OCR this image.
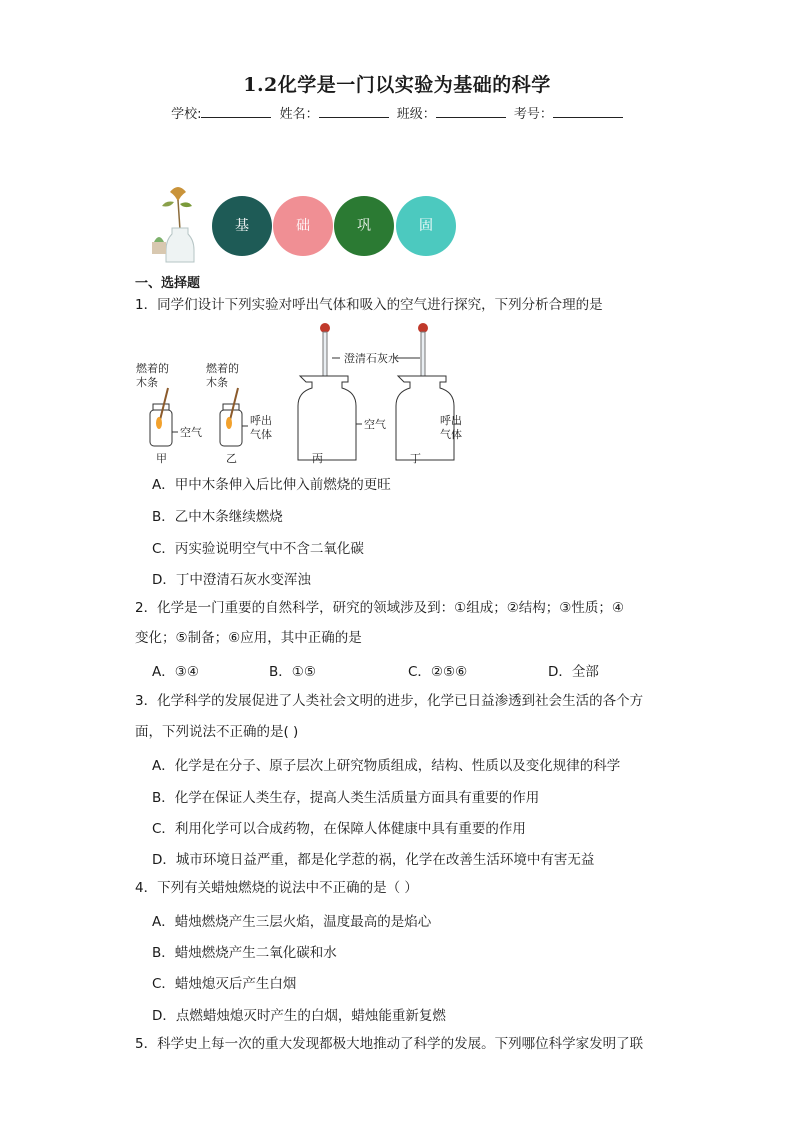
1.2化学是一门以实验为基础的科学
学校:	姓名：	班级：	考号：
基	础	巩	固
一、选择题
1．同学们设计下列实验对呼出气体和吸入的空气进行探究，下列分析合理的是
燃着的
木条
空气
甲
燃着的
木条
呼出
气体
乙
澄清石灰水
空气
丙
呼出
气体
丁
A．甲中木条伸入后比伸入前燃烧的更旺
B．乙中木条继续燃烧
C．丙实验说明空气中不含二氧化碳
D．丁中澄清石灰水变浑浊
2．化学是一门重要的自然科学，研究的领域涉及到：①组成；②结构；③性质；④
变化；⑤制备；⑥应用，其中正确的是
A．③④	B．①⑤	C．②⑤⑥	D．全部
3．化学科学的发展促进了人类社会文明的进步，化学已日益渗透到社会生活的各个方
面，下列说法不正确的是( )
A．化学是在分子、原子层次上研究物质组成，结构、性质以及变化规律的科学
B．化学在保证人类生存，提高人类生活质量方面具有重要的作用
C．利用化学可以合成药物，在保障人体健康中具有重要的作用
D．城市环境日益严重，都是化学惹的祸，化学在改善生活环境中有害无益
4．下列有关蜡烛燃烧的说法中不正确的是（ ）
A．蜡烛燃烧产生三层火焰，温度最高的是焰心
B．蜡烛燃烧产生二氧化碳和水
C．蜡烛熄灭后产生白烟
D．点燃蜡烛熄灭时产生的白烟，蜡烛能重新复燃
5．科学史上每一次的重大发现都极大地推动了科学的发展。下列哪位科学家发明了联
